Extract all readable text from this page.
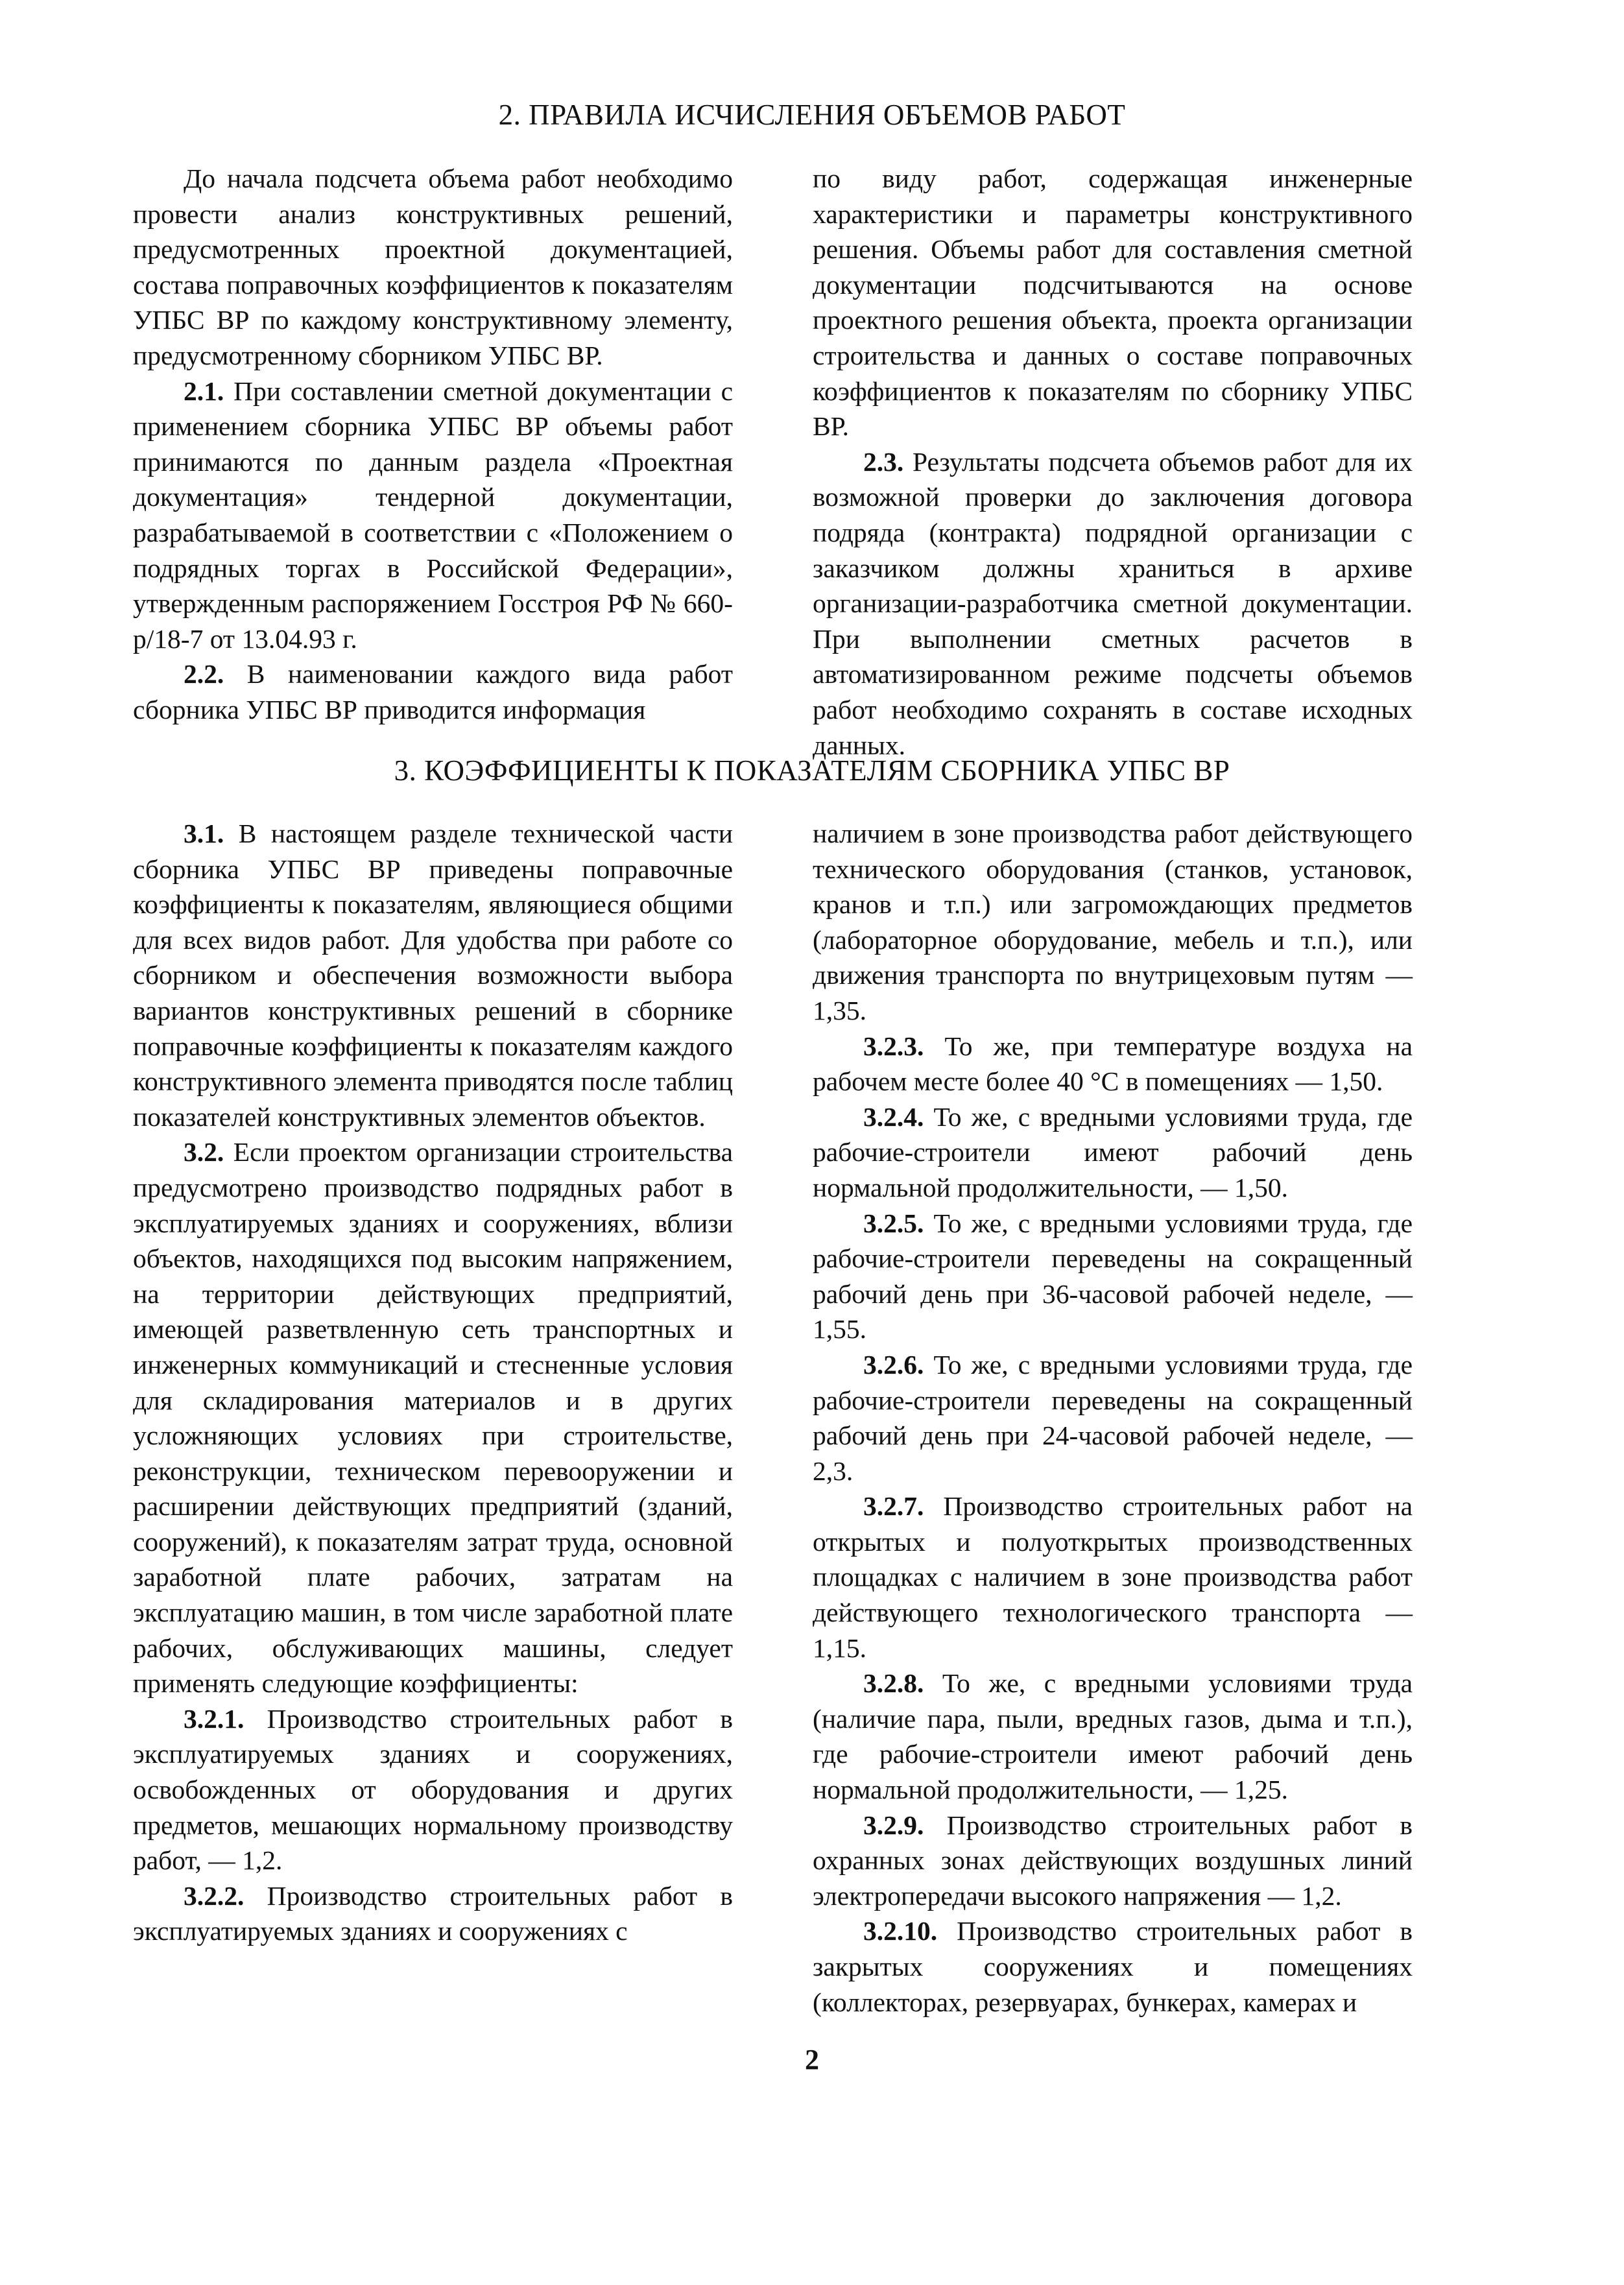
2. ПРАВИЛА ИСЧИСЛЕНИЯ ОБЪЕМОВ РАБОТ

До начала подсчета объема работ необходимо провести анализ конструктивных решений, предусмотренных проектной документацией, состава поправочных коэффициентов к показателям УПБС ВР по каждому конструктивному элементу, предусмотренному сборником УПБС ВР.

2.1. При составлении сметной документации с применением сборника УПБС ВР объемы работ принимаются по данным раздела «Проектная документация» тендерной документации, разрабатываемой в соответствии с «Положением о подрядных торгах в Российской Федерации», утвержденным распоряжением Госстроя РФ № 660-р/18-7 от 13.04.93 г.

2.2. В наименовании каждого вида работ сборника УПБС ВР приводится информация

по виду работ, содержащая инженерные характеристики и параметры конструктивного решения. Объемы работ для составления сметной документации подсчитываются на основе проектного решения объекта, проекта организации строительства и данных о составе поправочных коэффициентов к показателям по сборнику УПБС ВР.

2.3. Результаты подсчета объемов работ для их возможной проверки до заключения договора подряда (контракта) подрядной организации с заказчиком должны храниться в архиве организации-разработчика сметной документации. При выполнении сметных расчетов в автоматизированном режиме подсчеты объемов работ необходимо сохранять в составе исходных данных.

3. КОЭФФИЦИЕНТЫ К ПОКАЗАТЕЛЯМ СБОРНИКА УПБС ВР

3.1. В настоящем разделе технической части сборника УПБС ВР приведены поправочные коэффициенты к показателям, являющиеся общими для всех видов работ. Для удобства при работе со сборником и обеспечения возможности выбора вариантов конструктивных решений в сборнике поправочные коэффициенты к показателям каждого конструктивного элемента приводятся после таблиц показателей конструктивных элементов объектов.

3.2. Если проектом организации строительства предусмотрено производство подрядных работ в эксплуатируемых зданиях и сооружениях, вблизи объектов, находящихся под высоким напряжением, на территории действующих предприятий, имеющей разветвленную сеть транспортных и инженерных коммуникаций и стесненные условия для складирования материалов и в других усложняющих условиях при строительстве, реконструкции, техническом перевооружении и расширении действующих предприятий (зданий, сооружений), к показателям затрат труда, основной заработной плате рабочих, затратам на эксплуатацию машин, в том числе заработной плате рабочих, обслуживающих машины, следует применять следующие коэффициенты:

3.2.1. Производство строительных работ в эксплуатируемых зданиях и сооружениях, освобожденных от оборудования и других предметов, мешающих нормальному производству работ, — 1,2.

3.2.2. Производство строительных работ в эксплуатируемых зданиях и сооружениях с

наличием в зоне производства работ действующего технического оборудования (станков, установок, кранов и т.п.) или загромождающих предметов (лабораторное оборудование, мебель и т.п.), или движения транспорта по внутрицеховым путям — 1,35.

3.2.3. То же, при температуре воздуха на рабочем месте более 40 °С в помещениях — 1,50.

3.2.4. То же, с вредными условиями труда, где рабочие-строители имеют рабочий день нормальной продолжительности, — 1,50.

3.2.5. То же, с вредными условиями труда, где рабочие-строители переведены на сокращенный рабочий день при 36-часовой рабочей неделе, — 1,55.

3.2.6. То же, с вредными условиями труда, где рабочие-строители переведены на сокращенный рабочий день при 24-часовой рабочей неделе, — 2,3.

3.2.7. Производство строительных работ на открытых и полуоткрытых производственных площадках с наличием в зоне производства работ действующего технологического транспорта — 1,15.

3.2.8. То же, с вредными условиями труда (наличие пара, пыли, вредных газов, дыма и т.п.), где рабочие-строители имеют рабочий день нормальной продолжительности, — 1,25.

3.2.9. Производство строительных работ в охранных зонах действующих воздушных линий электропередачи высокого напряжения — 1,2.

3.2.10. Производство строительных работ в закрытых сооружениях и помещениях (коллекторах, резервуарах, бункерах, камерах и

2
